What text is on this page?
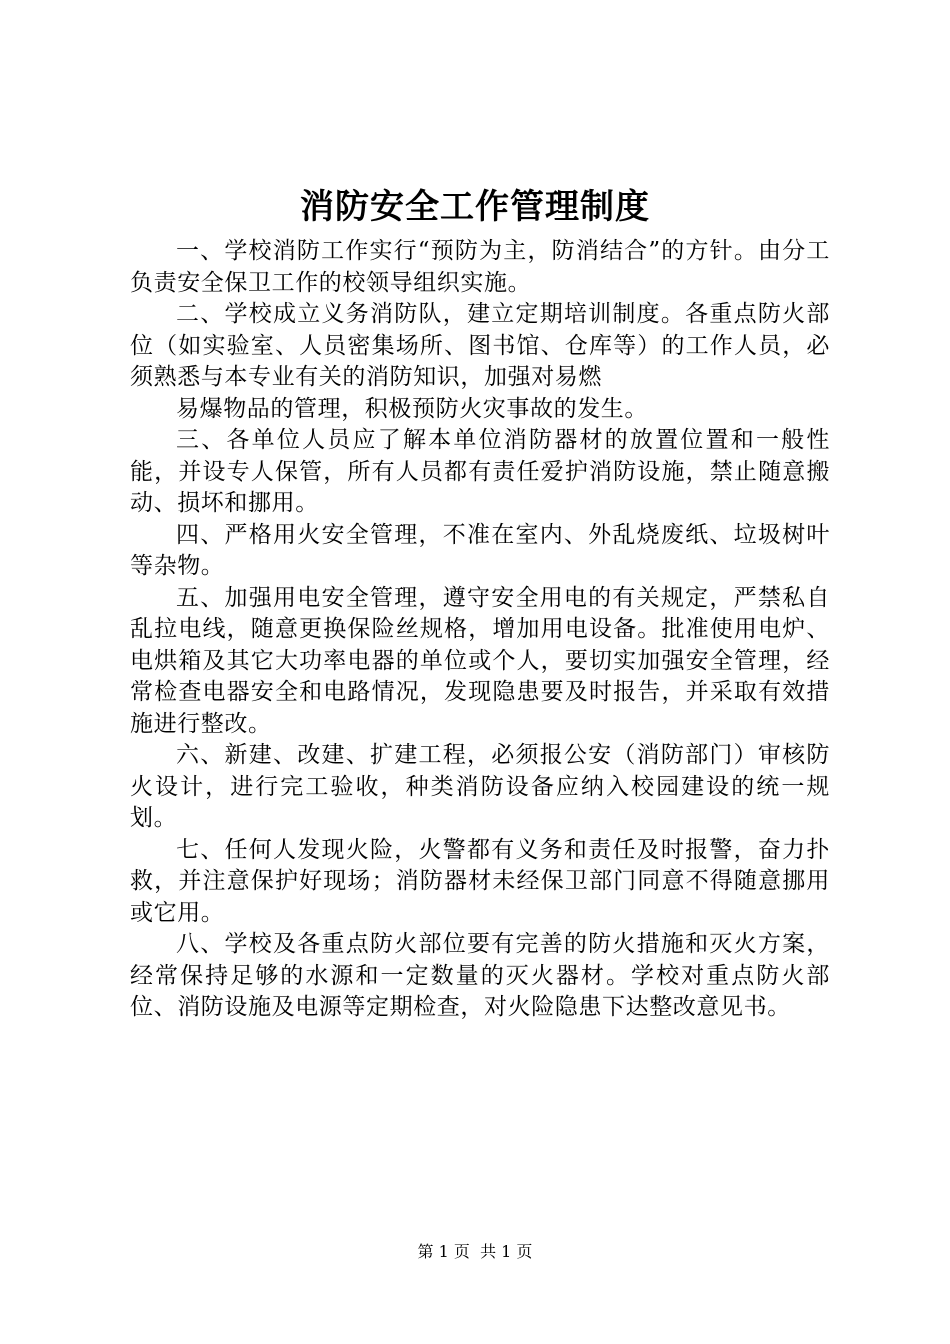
消防安全工作管理制度

一、学校消防工作实行“预防为主，防消结合”的方针。由分工负责安全保卫工作的校领导组织实施。

二、学校成立义务消防队，建立定期培训制度。各重点防火部位（如实验室、人员密集场所、图书馆、仓库等）的工作人员，必须熟悉与本专业有关的消防知识，加强对易燃

易爆物品的管理，积极预防火灾事故的发生。

三、各单位人员应了解本单位消防器材的放置位置和一般性能，并设专人保管，所有人员都有责任爱护消防设施，禁止随意搬动、损坏和挪用。

四、严格用火安全管理，不准在室内、外乱烧废纸、垃圾树叶等杂物。

五、加强用电安全管理，遵守安全用电的有关规定，严禁私自乱拉电线，随意更换保险丝规格，增加用电设备。批准使用电炉、电烘箱及其它大功率电器的单位或个人，要切实加强安全管理，经常检查电器安全和电路情况，发现隐患要及时报告，并采取有效措施进行整改。

六、新建、改建、扩建工程，必须报公安（消防部门）审核防火设计，进行完工验收，种类消防设备应纳入校园建设的统一规划。

七、任何人发现火险，火警都有义务和责任及时报警，奋力扑救，并注意保护好现场；消防器材未经保卫部门同意不得随意挪用或它用。

八、学校及各重点防火部位要有完善的防火措施和灭火方案，经常保持足够的水源和一定数量的灭火器材。学校对重点防火部位、消防设施及电源等定期检查，对火险隐患下达整改意见书。

第 1 页  共 1 页
